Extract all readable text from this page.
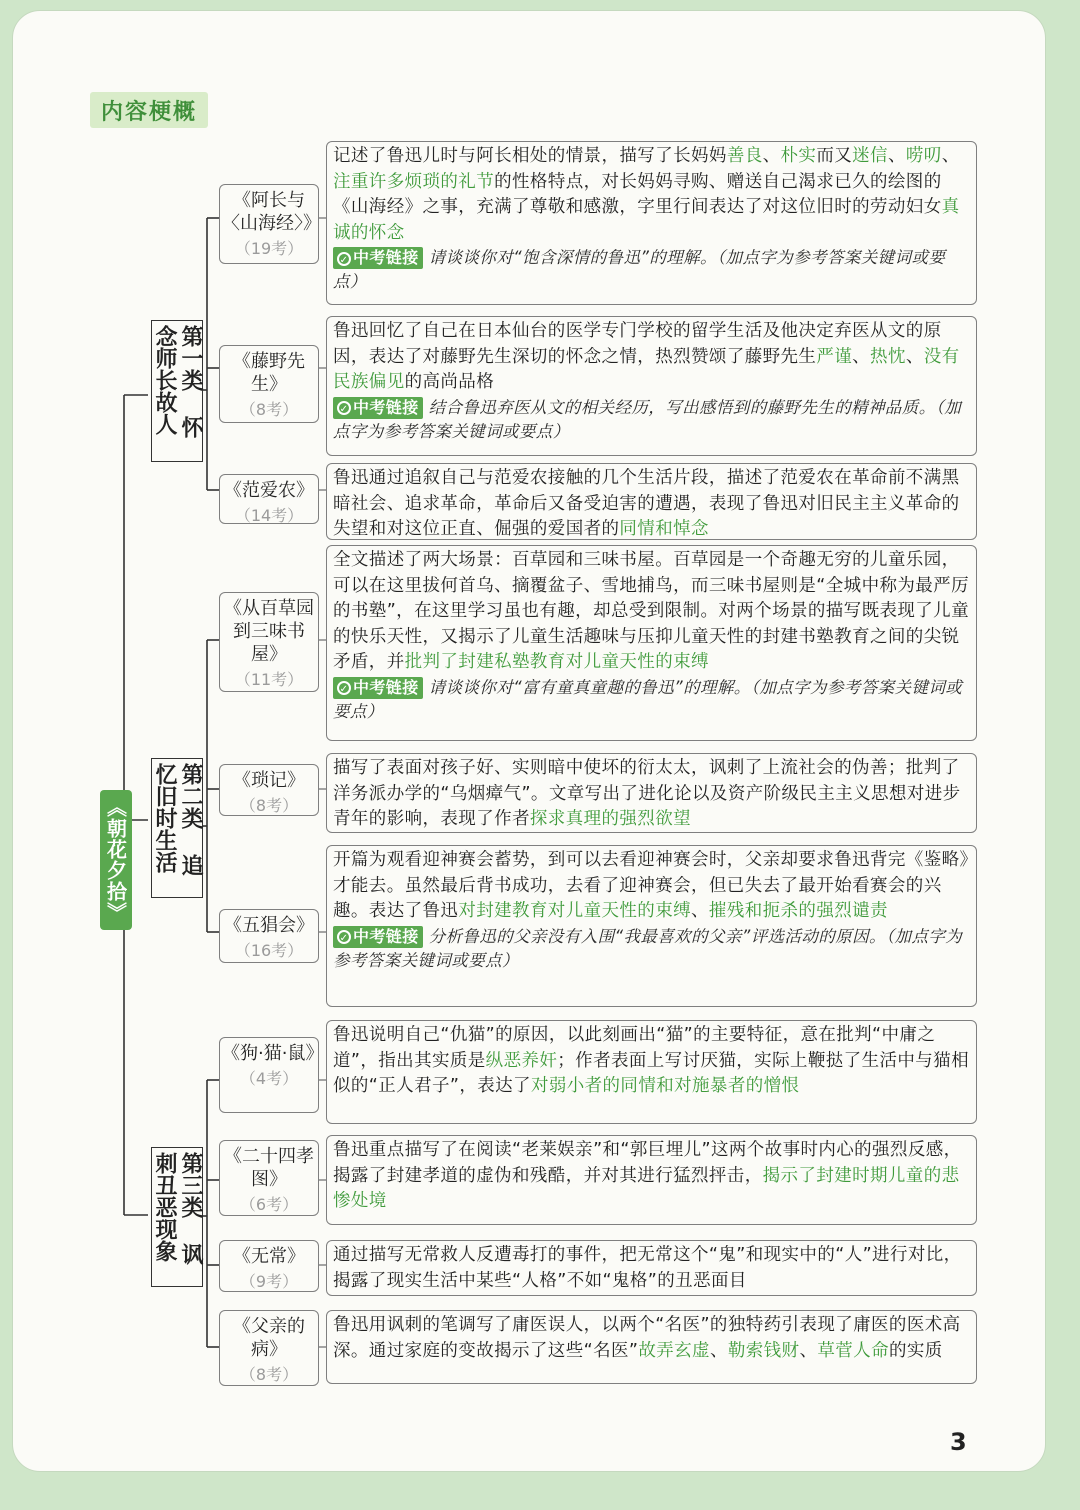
内容梗概
《朝花夕拾》
第一类 怀念师长故人
第二类 追忆旧时生活
第三类 讽刺丑恶现象
《阿长与〈山海经〉》
（19考）
《藤野先生》
（8考）
《范爱农》
（14考）
《从百草园到三味书屋》
（11考）
《琐记》
（8考）
《五猖会》
（16考）
《狗·猫·鼠》
（4考）
《二十四孝图》
（6考）
《无常》
（9考）
《父亲的病》
（8考）
记述了鲁迅儿时与阿长相处的情景，描写了长妈妈善良、朴实而又迷信、唠叨、注重许多烦琐的礼节的性格特点，对长妈妈寻购、赠送自己渴求已久的绘图的《山海经》之事，充满了尊敬和感激，字里行间表达了对这位旧时的劳动妇女真诚的怀念
✓ 中考链接 请谈谈你对“饱含深情的鲁迅”的理解。（加点字为参考答案关键词或要点）
鲁迅回忆了自己在日本仙台的医学专门学校的留学生活及他决定弃医从文的原因，表达了对藤野先生深切的怀念之情，热烈赞颂了藤野先生严谨、热忱、没有民族偏见的高尚品格
✓ 中考链接 结合鲁迅弃医从文的相关经历，写出感悟到的藤野先生的精神品质。（加点字为参考答案关键词或要点）
鲁迅通过追叙自己与范爱农接触的几个生活片段，描述了范爱农在革命前不满黑暗社会、追求革命，革命后又备受迫害的遭遇，表现了鲁迅对旧民主主义革命的失望和对这位正直、倔强的爱国者的同情和悼念
全文描述了两大场景：百草园和三味书屋。百草园是一个奇趣无穷的儿童乐园，可以在这里拔何首乌、摘覆盆子、雪地捕鸟，而三味书屋则是“全城中称为最严厉的书塾”，在这里学习虽也有趣，却总受到限制。对两个场景的描写既表现了儿童的快乐天性，又揭示了儿童生活趣味与压抑儿童天性的封建书塾教育之间的尖锐矛盾，并批判了封建私塾教育对儿童天性的束缚
✓ 中考链接 请谈谈你对“富有童真童趣的鲁迅”的理解。（加点字为参考答案关键词或要点）
描写了表面对孩子好、实则暗中使坏的衍太太，讽刺了上流社会的伪善；批判了洋务派办学的“乌烟瘴气”。文章写出了进化论以及资产阶级民主主义思想对进步青年的影响，表现了作者探求真理的强烈欲望
开篇为观看迎神赛会蓄势，到可以去看迎神赛会时，父亲却要求鲁迅背完《鉴略》才能去。虽然最后背书成功，去看了迎神赛会，但已失去了最开始看赛会的兴趣。表达了鲁迅对封建教育对儿童天性的束缚、摧残和扼杀的强烈谴责
✓ 中考链接 分析鲁迅的父亲没有入围“我最喜欢的父亲”评选活动的原因。（加点字为参考答案关键词或要点）
鲁迅说明自己“仇猫”的原因，以此刻画出“猫”的主要特征，意在批判“中庸之道”，指出其实质是纵恶养奸；作者表面上写讨厌猫，实际上鞭挞了生活中与猫相似的“正人君子”，表达了对弱小者的同情和对施暴者的憎恨
鲁迅重点描写了在阅读“老莱娱亲”和“郭巨埋儿”这两个故事时内心的强烈反感，揭露了封建孝道的虚伪和残酷，并对其进行猛烈抨击，揭示了封建时期儿童的悲惨处境
通过描写无常救人反遭毒打的事件，把无常这个“鬼”和现实中的“人”进行对比，揭露了现实生活中某些“人格”不如“鬼格”的丑恶面目
鲁迅用讽刺的笔调写了庸医误人，以两个“名医”的独特药引表现了庸医的医术高深。通过家庭的变故揭示了这些“名医”故弄玄虚、勒索钱财、草菅人命的实质
3
